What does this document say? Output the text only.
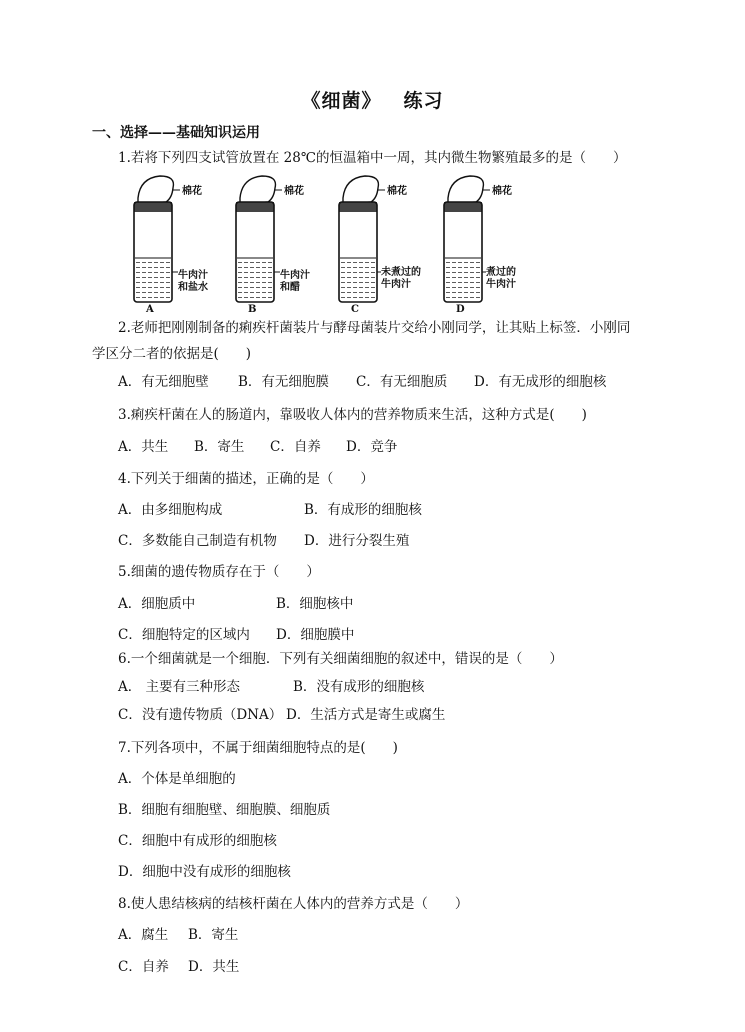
《细菌》 练习
一、选择——基础知识运用
1.若将下列四支试管放置在 28℃的恒温箱中一周，其内微生物繁殖最多的是（　　）
棉花
牛肉汁
和盐水
A
棉花
牛肉汁
和醋
B
棉花
未煮过的
牛肉汁
C
棉花
煮过的
牛肉汁
D
2.老师把刚刚制备的痢疾杆菌装片与酵母菌装片交给小刚同学，让其贴上标签．小刚同
学区分二者的依据是(　　)
A．有无细胞壁 B．有无细胞膜 C．有无细胞质 D．有无成形的细胞核
3.痢疾杆菌在人的肠道内，靠吸收人体内的营养物质来生活，这种方式是(　　)
A．共生 B．寄生 C．自养 D．竞争
4.下列关于细菌的描述，正确的是（　　）
A．由多细胞构成	B．有成形的细胞核
C．多数能自己制造有机物 D．进行分裂生殖
5.细菌的遗传物质存在于（　　）
A．细胞质中	B．细胞核中
C．细胞特定的区域内 D．细胞膜中
6.一个细菌就是一个细胞．下列有关细菌细胞的叙述中，错误的是（　　）
A． 主要有三种形态	B．没有成形的细胞核
C．没有遗传物质（DNA） D．生活方式是寄生或腐生
7.下列各项中，不属于细菌细胞特点的是(　　)
A．个体是单细胞的
B．细胞有细胞壁、细胞膜、细胞质
C．细胞中有成形的细胞核
D．细胞中没有成形的细胞核
8.使人患结核病的结核杆菌在人体内的营养方式是（　　）
A．腐生 B．寄生
C．自养 D．共生
